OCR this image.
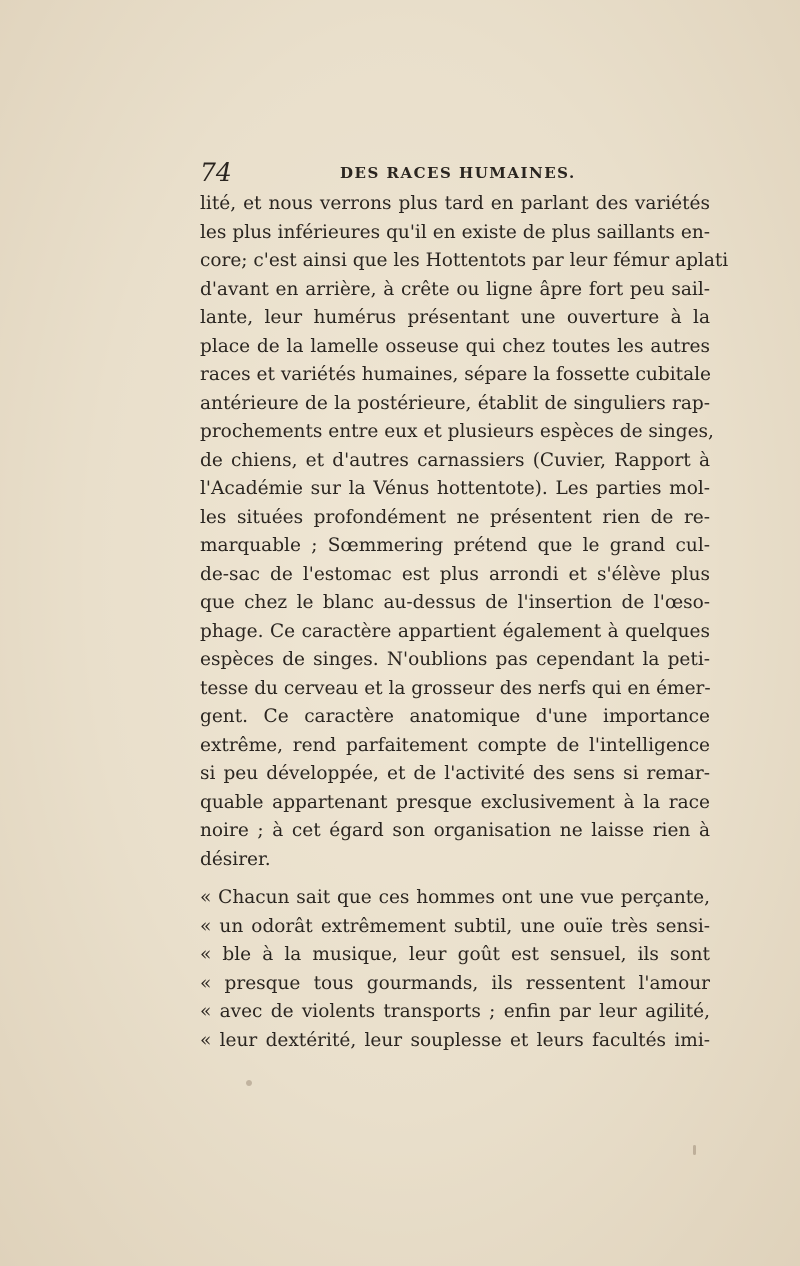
74	DES RACES HUMAINES.
lité, et nous verrons plus tard en parlant des variétés
les plus inférieures qu'il en existe de plus saillants en-
core; c'est ainsi que les Hottentots par leur fémur aplati
d'avant en arrière, à crête ou ligne âpre fort peu sail-
lante, leur humérus présentant une ouverture à la
place de la lamelle osseuse qui chez toutes les autres
races et variétés humaines, sépare la fossette cubitale
antérieure de la postérieure, établit de singuliers rap-
prochements entre eux et plusieurs espèces de singes,
de chiens, et d'autres carnassiers (Cuvier, Rapport à
l'Académie sur la Vénus hottentote). Les parties mol-
les situées profondément ne présentent rien de re-
marquable ; Sœmmering prétend que le grand cul-
de-sac de l'estomac est plus arrondi et s'élève plus
que chez le blanc au-dessus de l'insertion de l'œso-
phage. Ce caractère appartient également à quelques
espèces de singes. N'oublions pas cependant la peti-
tesse du cerveau et la grosseur des nerfs qui en émer-
gent. Ce caractère anatomique d'une importance
extrême, rend parfaitement compte de l'intelligence
si peu développée, et de l'activité des sens si remar-
quable appartenant presque exclusivement à la race
noire ; à cet égard son organisation ne laisse rien à
désirer.
« Chacun sait que ces hommes ont une vue perçante,
« un odorât extrêmement subtil, une ouïe très sensi-
« ble à la musique, leur goût est sensuel, ils sont
« presque tous gourmands, ils ressentent l'amour
« avec de violents transports ; enfin par leur agilité,
« leur dextérité, leur souplesse et leurs facultés imi-
